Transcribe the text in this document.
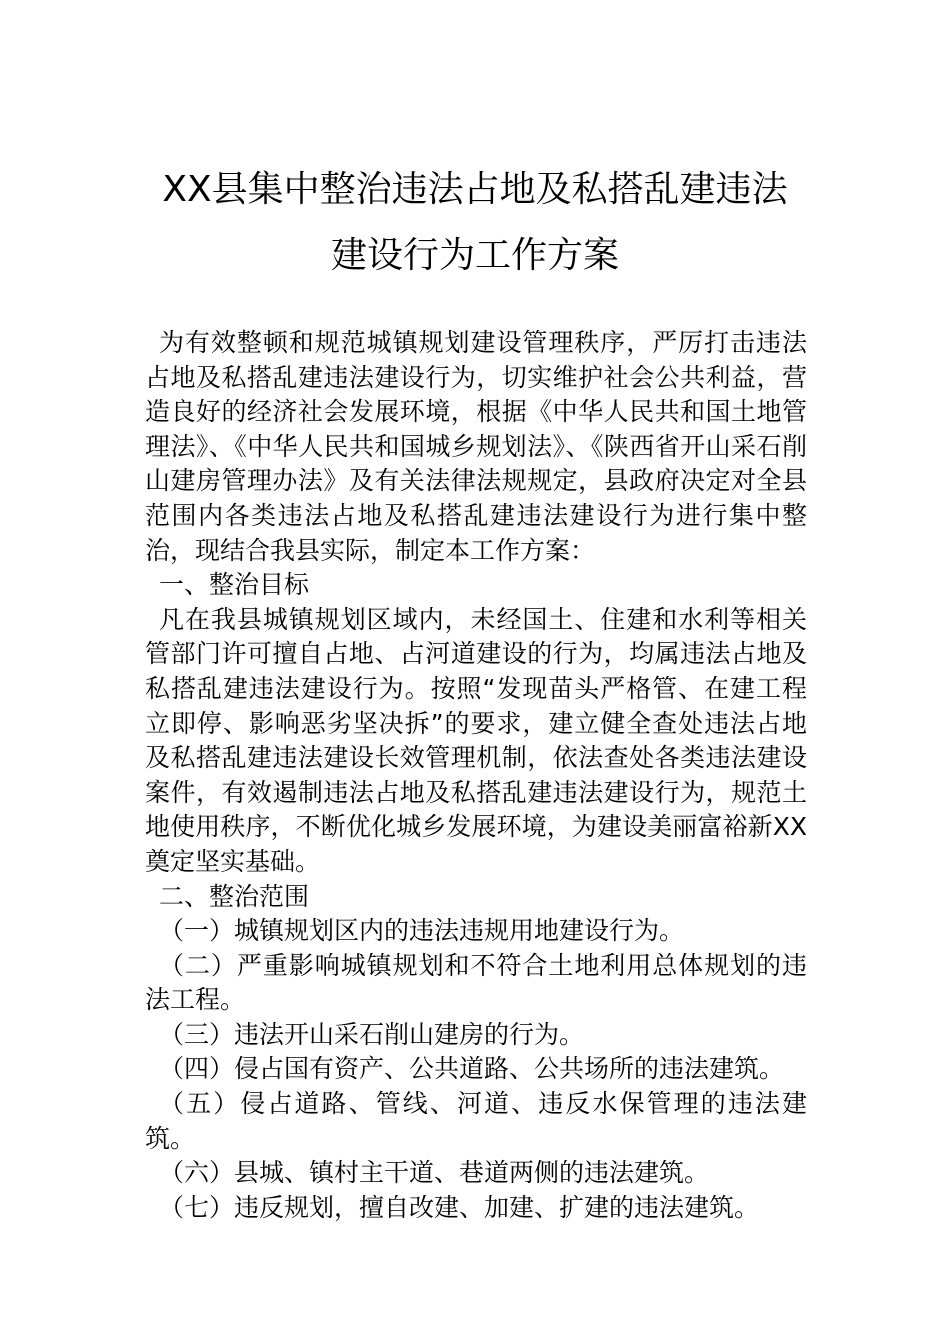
XX县集中整治违法占地及私搭乱建违法
建设行为工作方案

为有效整顿和规范城镇规划建设管理秩序，严厉打击违法占地及私搭乱建违法建设行为，切实维护社会公共利益，营造良好的经济社会发展环境，根据《中华人民共和国土地管理法》、《中华人民共和国城乡规划法》、《陕西省开山采石削山建房管理办法》及有关法律法规规定，县政府决定对全县范围内各类违法占地及私搭乱建违法建设行为进行集中整治，现结合我县实际，制定本工作方案：

一、整治目标

凡在我县城镇规划区域内，未经国土、住建和水利等相关管部门许可擅自占地、占河道建设的行为，均属违法占地及私搭乱建违法建设行为。按照“发现苗头严格管、在建工程立即停、影响恶劣坚决拆”的要求，建立健全查处违法占地及私搭乱建违法建设长效管理机制，依法查处各类违法建设案件，有效遏制违法占地及私搭乱建违法建设行为，规范土地使用秩序，不断优化城乡发展环境，为建设美丽富裕新XX奠定坚实基础。

二、整治范围

（一）城镇规划区内的违法违规用地建设行为。

（二）严重影响城镇规划和不符合土地利用总体规划的违法工程。

（三）违法开山采石削山建房的行为。

（四）侵占国有资产、公共道路、公共场所的违法建筑。

（五）侵占道路、管线、河道、违反水保管理的违法建筑。

（六）县城、镇村主干道、巷道两侧的违法建筑。

（七）违反规划，擅自改建、加建、扩建的违法建筑。
